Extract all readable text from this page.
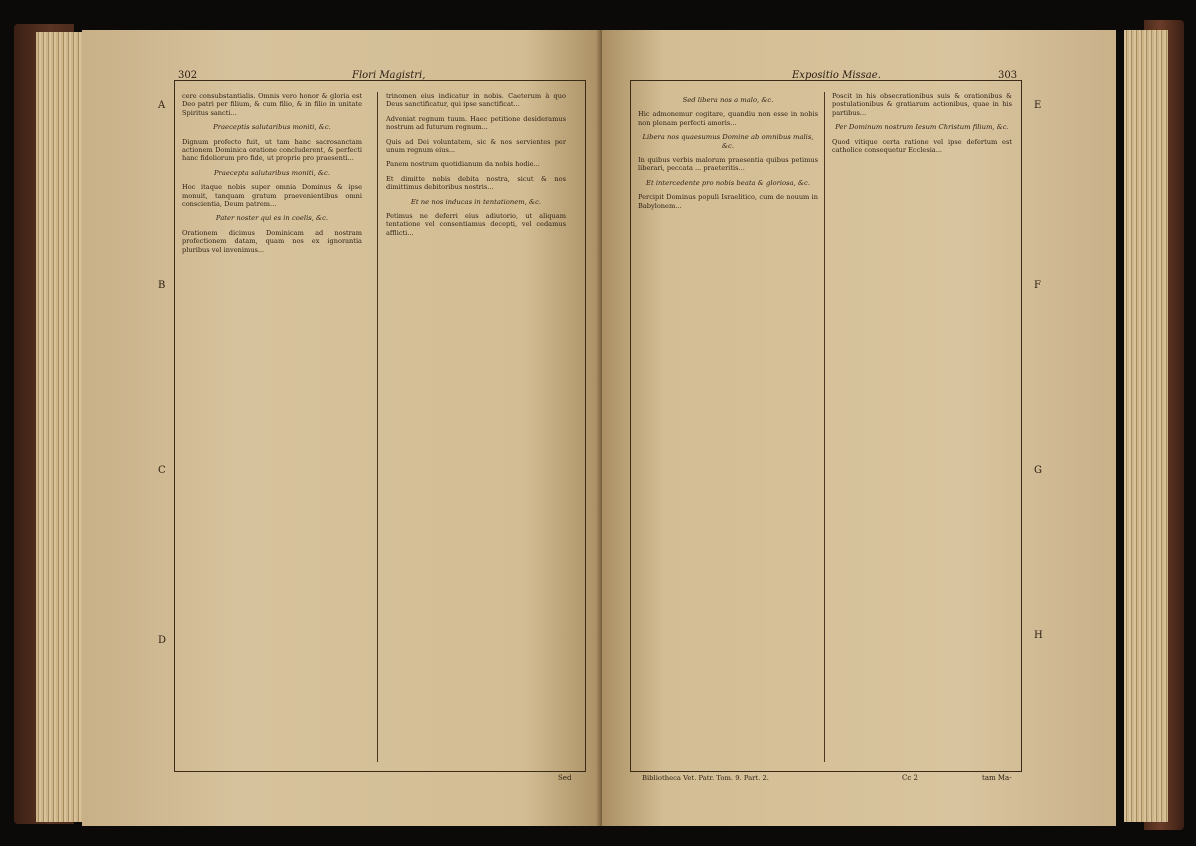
302	Flori Magistri,
A
B
C
D

cere consubstantialis. Omnis vero honor & gloria est Deo patri per filium, & cum filio, & in filio in unitate Spiritus sancti...

Praeceptis salutaribus moniti, &c.

Dignum profecto fuit, ut tam hanc sacrosanctam actionem Dominica oratione concluderent, & perfecti hanc fideliorum pro fide, ut proprie pro praesenti...

Praecepta salutaribus moniti, &c.

Hoc itaque nobis super omnia Dominus & ipse monuit, tanquam gratum praevenientibus omni conscientia, Deum patrem...

Pater noster qui es in coelis, &c.

Orationem dicimus Dominicam ad nostram profectionem datam, quam nos ex ignorantia pluribus vel invenimus...

trinomen eius indicatur in nobis. Caeterum à quo Deus sanctificatur, qui ipse sanctificat...

Adveniat regnum tuum. Haec petitione desideramus nostrum ad futurum regnum...

Quis ad Dei voluntatem, sic & nos servientes per unum regnum eius...

Panem nostrum quotidianum da nobis hodie...

Et dimitte nobis debita nostra, sicut & nos dimittimus debitoribus nostris...

Et ne nos inducas in tentationem, &c.

Petimus ne deferri eius adiutorio, ut aliquam tentatione vel consentiamus decepti, vel cedamus afflicti...

Sed
Expositio Missae.	303
E
F
G
H

Sed libera nos a malo, &c.

Hic admonemur cogitare, quandiu non esse in nobis non plenam perfecti amoris...

Libera nos quaesumus Domine ab omnibus malis, &c.

In quibus verbis malorum praesentia quibus petimus liberari, peccata ... praeteritis...

Et intercedente pro nobis beata & gloriosa, &c.

Percipit Dominus populi Israelitico, cum de nouum in Babylonem...

Poscit in his obsecrationibus suis & orationibus & postulationibus & gratiarum actionibus, quae in his partibus...

Per Dominum nostrum Iesum Christum filium, &c.

Quod vitique certa ratione vel ipse defertum est catholice consequetur Ecclesia...

Bibliotheca Vet. Patr. Tom. 9. Part. 2.	Cc 2	tam Ma-
